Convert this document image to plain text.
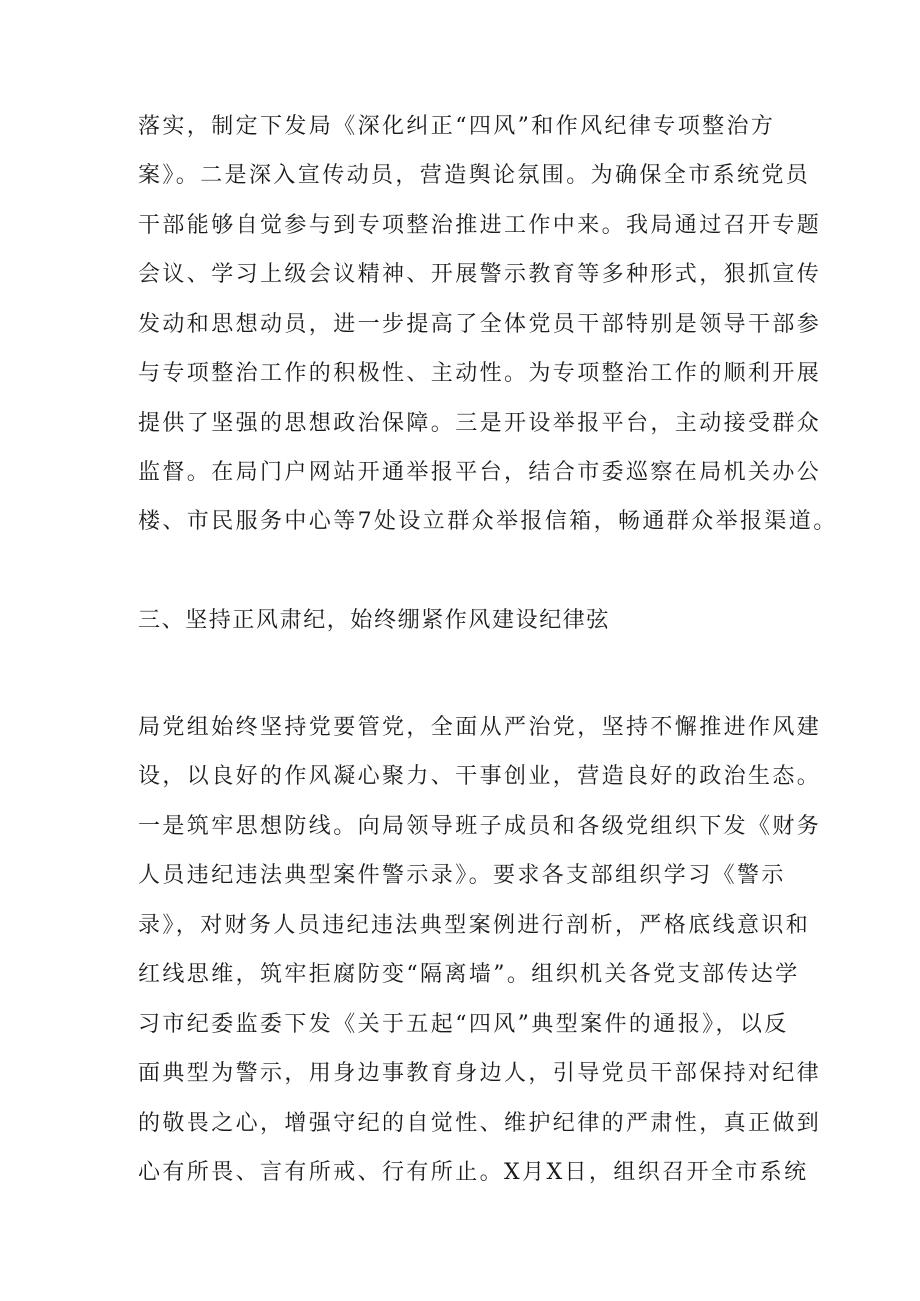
落实，制定下发局《深化纠正“四风”和作风纪律专项整治方
案》。二是深入宣传动员，营造舆论氛围。为确保全市系统党员
干部能够自觉参与到专项整治推进工作中来。我局通过召开专题
会议、学习上级会议精神、开展警示教育等多种形式，狠抓宣传
发动和思想动员，进一步提高了全体党员干部特别是领导干部参
与专项整治工作的积极性、主动性。为专项整治工作的顺利开展
提供了坚强的思想政治保障。三是开设举报平台，主动接受群众
监督。在局门户网站开通举报平台，结合市委巡察在局机关办公
楼、市民服务中心等7处设立群众举报信箱，畅通群众举报渠道。
三、坚持正风肃纪，始终绷紧作风建设纪律弦
局党组始终坚持党要管党，全面从严治党，坚持不懈推进作风建
设，以良好的作风凝心聚力、干事创业，营造良好的政治生态。
一是筑牢思想防线。向局领导班子成员和各级党组织下发《财务
人员违纪违法典型案件警示录》。要求各支部组织学习《警示
录》，对财务人员违纪违法典型案例进行剖析，严格底线意识和
红线思维，筑牢拒腐防变“隔离墙”。组织机关各党支部传达学
习市纪委监委下发《关于五起“四风”典型案件的通报》，以反
面典型为警示，用身边事教育身边人，引导党员干部保持对纪律
的敬畏之心，增强守纪的自觉性、维护纪律的严肃性，真正做到
心有所畏、言有所戒、行有所止。X月X日，组织召开全市系统
